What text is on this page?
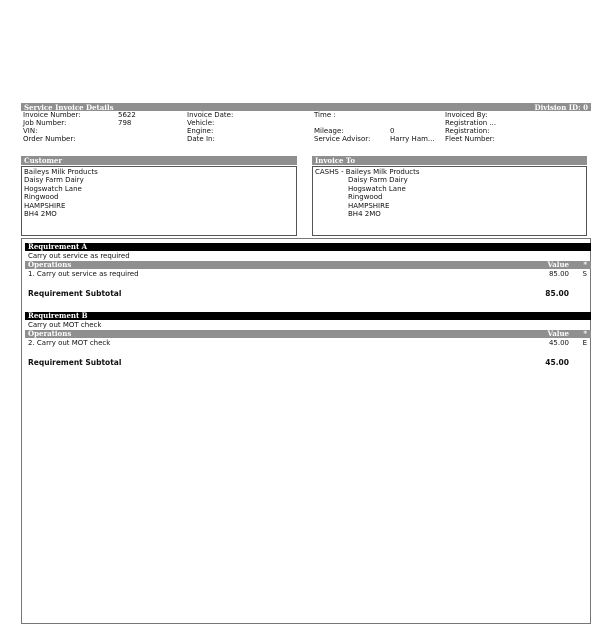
Service Invoice Details	Division ID: 0
Invoice Number:	5622
Job Number:	798
VIN:
Order Number:
Invoice Date:
Vehicle:
Engine:
Date In:
Time :
Mileage:	0
Service Advisor:	Harry Ham...
Invoiced By:
Registration ...
Registration:
Fleet Number:
Customer
Baileys Milk Products
Daisy Farm Dairy
Hogswatch Lane
Ringwood
HAMPSHIRE
BH4 2MO
Invoice To
CASHS - Baileys Milk Products
Daisy Farm Dairy
Hogswatch Lane
Ringwood
HAMPSHIRE
BH4 2MO
Requirement A
Carry out service as required
Operations	Value *
1. Carry out service as required	85.00 S
Requirement Subtotal	85.00
Requirement B
Carry out MOT check
Operations	Value *
2. Carry out MOT check	45.00 E
Requirement Subtotal	45.00
